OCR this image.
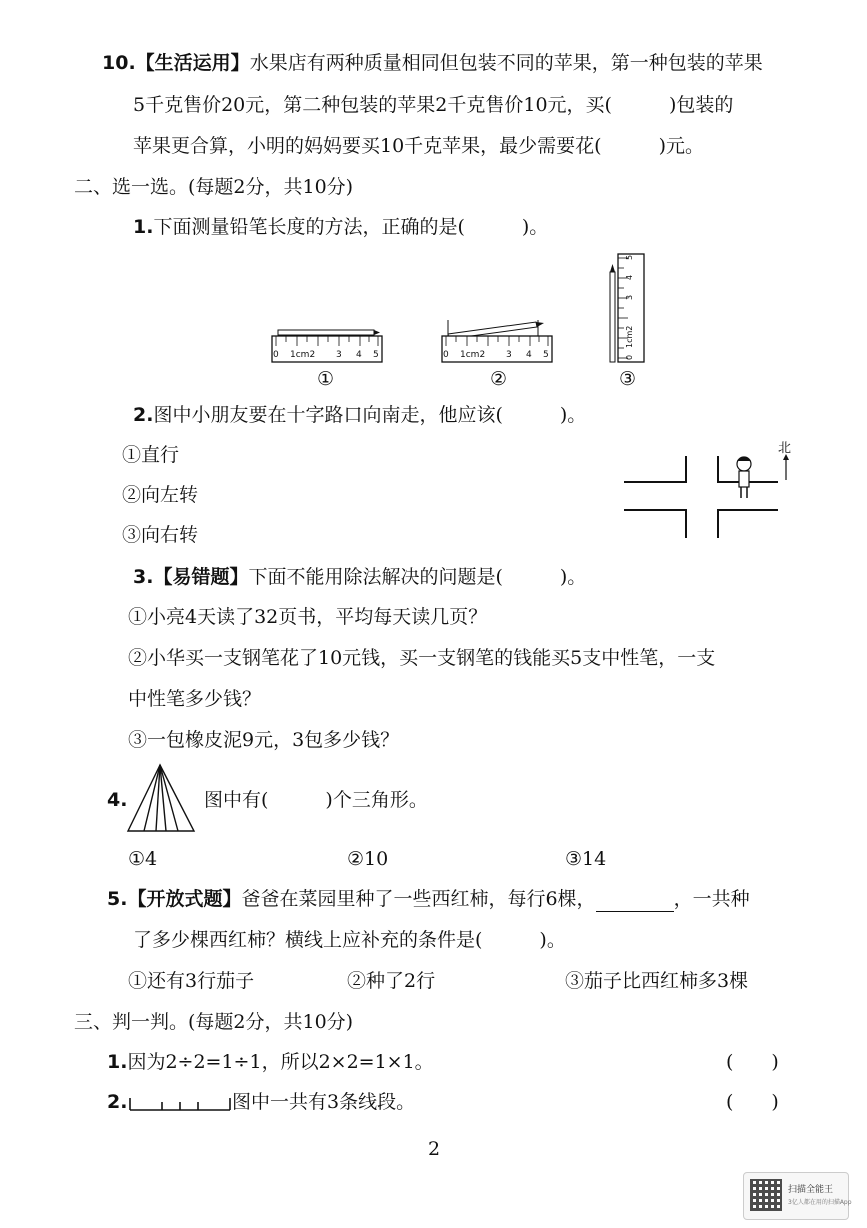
10.【生活运用】水果店有两种质量相同但包装不同的苹果，第一种包装的苹果
5千克售价20元，第二种包装的苹果2千克售价10元，买(　　　)包装的
苹果更合算，小明的妈妈要买10千克苹果，最少需要花(　　　)元。
二、选一选。(每题2分，共10分)
1.下面测量铅笔长度的方法，正确的是(　　　)。
0 1cm2 3 4 5
①
0 1cm2 3 4 5
②
0
1cm2
3
4
5
③
2.图中小朋友要在十字路口向南走，他应该(　　　)。
①直行
②向左转
③向右转
北
3.【易错题】下面不能用除法解决的问题是(　　　)。
①小亮4天读了32页书，平均每天读几页？
②小华买一支钢笔花了10元钱，买一支钢笔的钱能买5支中性笔，一支
中性笔多少钱？
③一包橡皮泥9元，3包多少钱？
4.	图中有(　　　)个三角形。
①4	②10	③14
5.【开放式题】爸爸在菜园里种了一些西红柿，每行6棵，	，一共种
了多少棵西红柿？横线上应补充的条件是(　　　)。
①还有3行茄子	②种了2行	③茄子比西红柿多3棵
三、判一判。(每题2分，共10分)
1.因为2÷2=1÷1，所以2×2=1×1。	(　　)
2.	图中一共有3条线段。	(　　)
2
扫描全能王
3亿人都在用的扫描App
